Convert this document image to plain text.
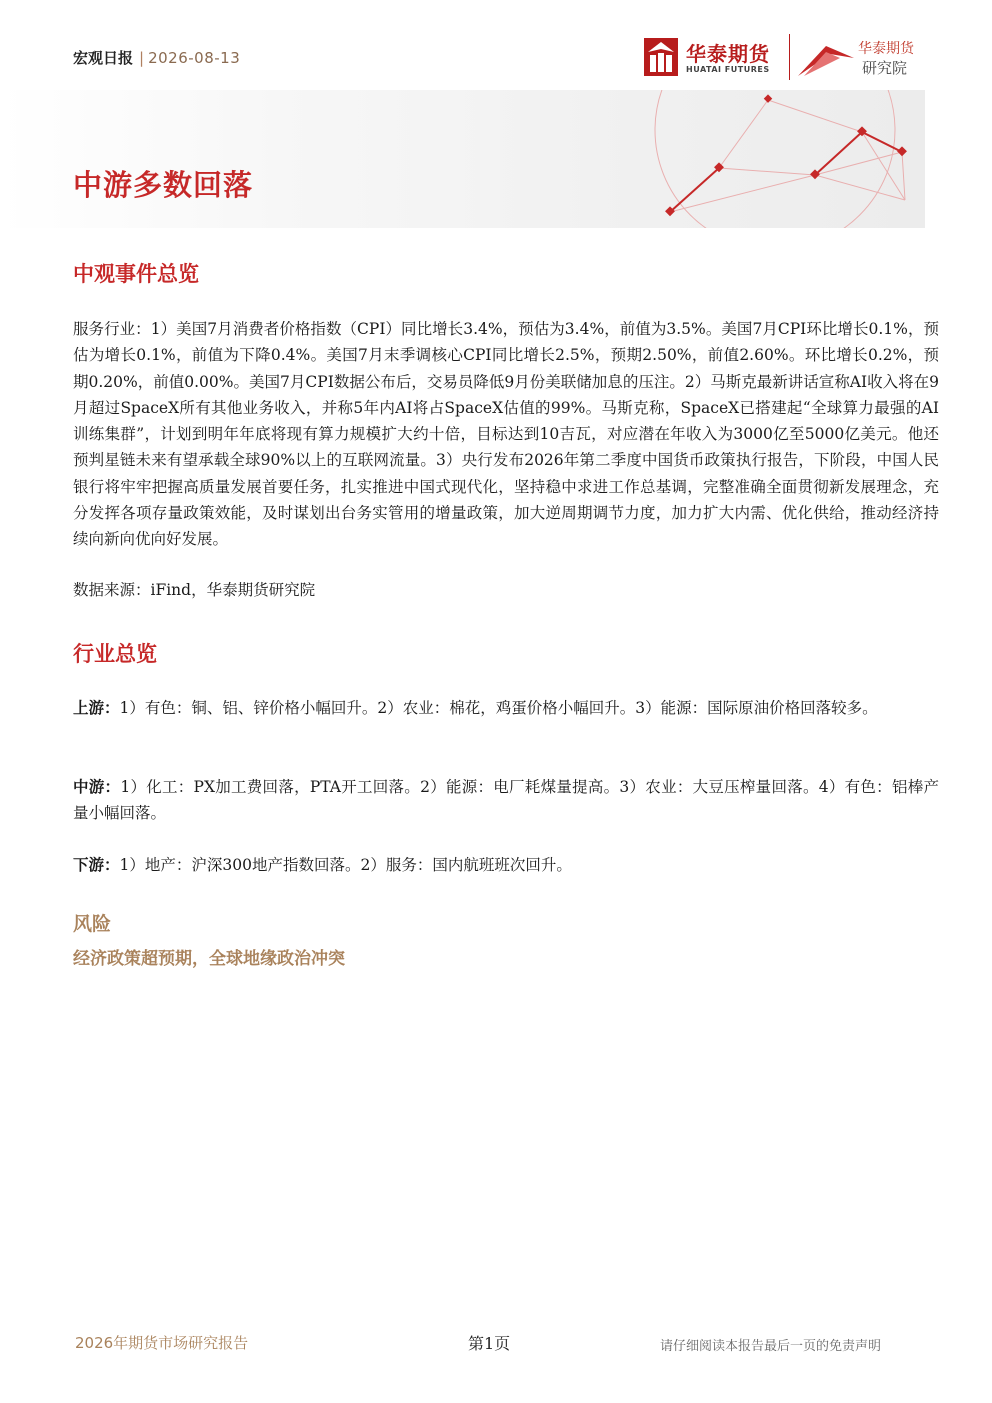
宏观日报 | 2026-08-13	华泰期货
HUATAI FUTURES
华泰期货
研究院
中游多数回落
中观事件总览
服务行业：1）美国7月消费者价格指数（CPI）同比增长3.4%，预估为3.4%，前值为3.5%。美国7月CPI环比增长0.1%，预估为增长0.1%，前值为下降0.4%。美国7月末季调核心CPI同比增长2.5%，预期2.50%，前值2.60%。环比增长0.2%，预期0.20%，前值0.00%。美国7月CPI数据公布后，交易员降低9月份美联储加息的压注。2）马斯克最新讲话宣称AI收入将在9月超过SpaceX所有其他业务收入，并称5年内AI将占SpaceX估值的99%。马斯克称，SpaceX已搭建起“全球算力最强的AI训练集群”，计划到明年年底将现有算力规模扩大约十倍，目标达到10吉瓦，对应潜在年收入为3000亿至5000亿美元。他还预判星链未来有望承载全球90%以上的互联网流量。3）央行发布2026年第二季度中国货币政策执行报告，下阶段，中国人民银行将牢牢把握高质量发展首要任务，扎实推进中国式现代化，坚持稳中求进工作总基调，完整准确全面贯彻新发展理念，充分发挥各项存量政策效能，及时谋划出台务实管用的增量政策，加大逆周期调节力度，加力扩大内需、优化供给，推动经济持续向新向优向好发展。
数据来源：iFind，华泰期货研究院
行业总览
上游：1）有色：铜、铝、锌价格小幅回升。2）农业：棉花，鸡蛋价格小幅回升。3）能源：国际原油价格回落较多。
中游：1）化工：PX加工费回落，PTA开工回落。2）能源：电厂耗煤量提高。3）农业：大豆压榨量回落。4）有色：铝棒产量小幅回落。
下游：1）地产：沪深300地产指数回落。2）服务：国内航班班次回升。
风险
经济政策超预期，全球地缘政治冲突
2026年期货市场研究报告	第1页	请仔细阅读本报告最后一页的免责声明
